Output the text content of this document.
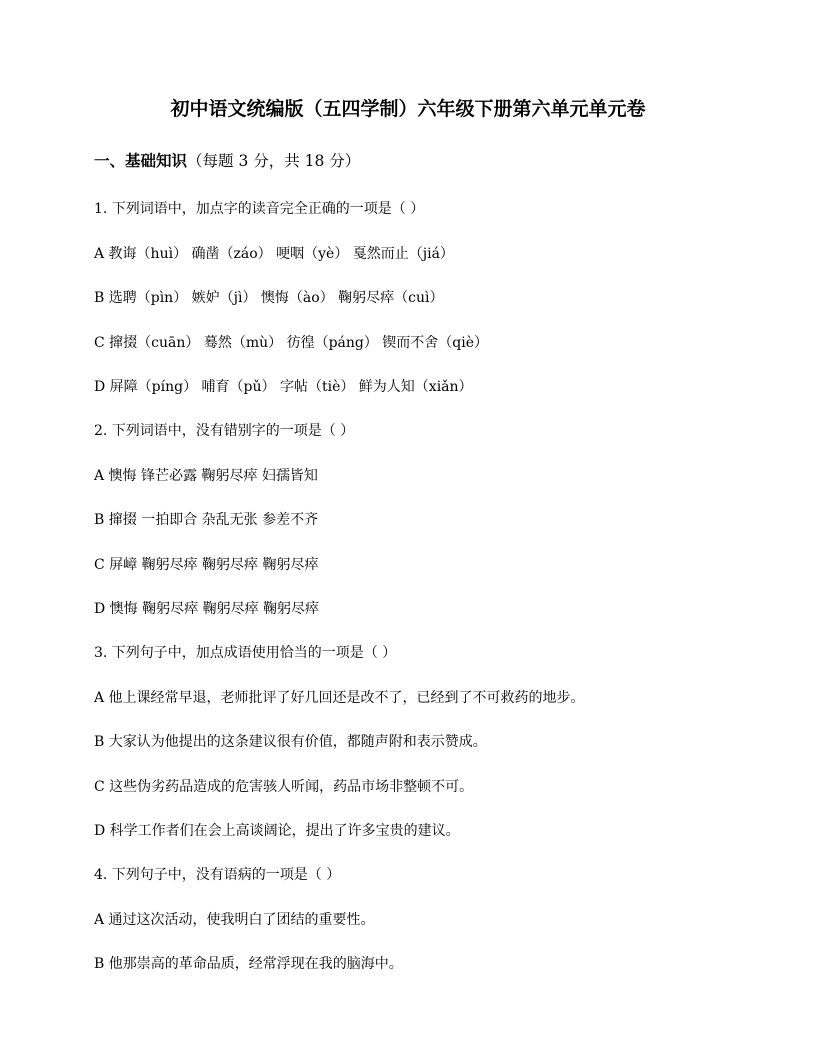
初中语文统编版（五四学制）六年级下册第六单元单元卷
一、基础知识（每题 3 分，共 18 分）
1. 下列词语中，加点字的读音完全正确的一项是（ ）
A 教诲（huì） 确凿（záo） 哽咽（yè） 戛然而止（jiá）
B 选聘（pìn） 嫉妒（jì） 懊悔（ào） 鞠躬尽瘁（cuì）
C 撺掇（cuān） 蓦然（mù） 彷徨（páng） 锲而不舍（qiè）
D 屏障（píng） 哺育（pǔ） 字帖（tiè） 鲜为人知（xiǎn）
2. 下列词语中，没有错别字的一项是（ ）
A 懊悔 锋芒必露 鞠躬尽瘁 妇孺皆知
B 撺掇 一拍即合 杂乱无张 参差不齐
C 屏嶂 鞠躬尽瘁 鞠躬尽瘁 鞠躬尽瘁
D 懊悔 鞠躬尽瘁 鞠躬尽瘁 鞠躬尽瘁
3. 下列句子中，加点成语使用恰当的一项是（ ）
A 他上课经常早退，老师批评了好几回还是改不了，已经到了不可救药的地步。
B 大家认为他提出的这条建议很有价值，都随声附和表示赞成。
C 这些伪劣药品造成的危害骇人听闻，药品市场非整顿不可。
D 科学工作者们在会上高谈阔论，提出了许多宝贵的建议。
4. 下列句子中，没有语病的一项是（ ）
A 通过这次活动，使我明白了团结的重要性。
B 他那崇高的革命品质，经常浮现在我的脑海中。
